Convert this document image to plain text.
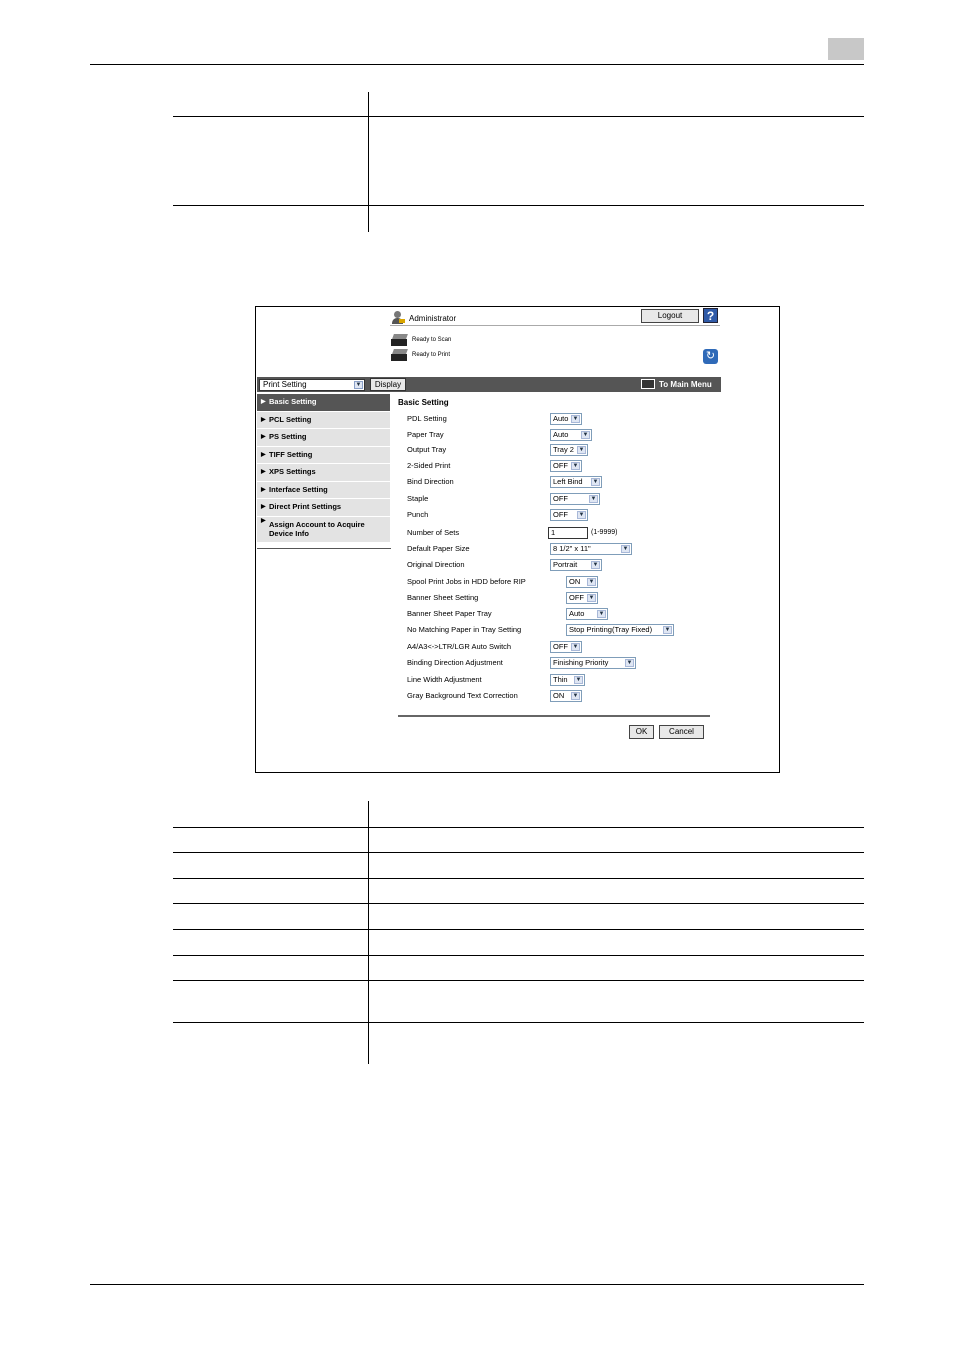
Administrator	Logout	?
Ready to Scan
Ready to Print	↻
Print Setting	▼	Display	To Main Menu
▶ Basic Setting
▶ PCL Setting
▶ PS Setting
▶ TIFF Setting
▶ XPS Settings
▶ Interface Setting
▶ Direct Print Settings
▶ Assign Account to Acquire Device Info
Basic Setting
PDL Setting	Auto ▼
Paper Tray	Auto ▼
Output Tray	Tray 2 ▼
2-Sided Print	OFF ▼
Bind Direction	Left Bind ▼
Staple	OFF	▼
Punch	OFF ▼
Number of Sets	1	(1-9999)
Default Paper Size	8 1/2" x 11"	▼
Original Direction	Portrait	▼
Spool Print Jobs in HDD before RIP	ON ▼
Banner Sheet Setting	OFF ▼
Banner Sheet Paper Tray	Auto ▼
No Matching Paper in Tray Setting	Stop Printing(Tray Fixed) ▼
A4/A3<->LTR/LGR Auto Switch	OFF ▼
Binding Direction Adjustment	Finishing Priority	▼
Line Width Adjustment	Thin ▼
Gray Background Text Correction	ON ▼
OK	Cancel
